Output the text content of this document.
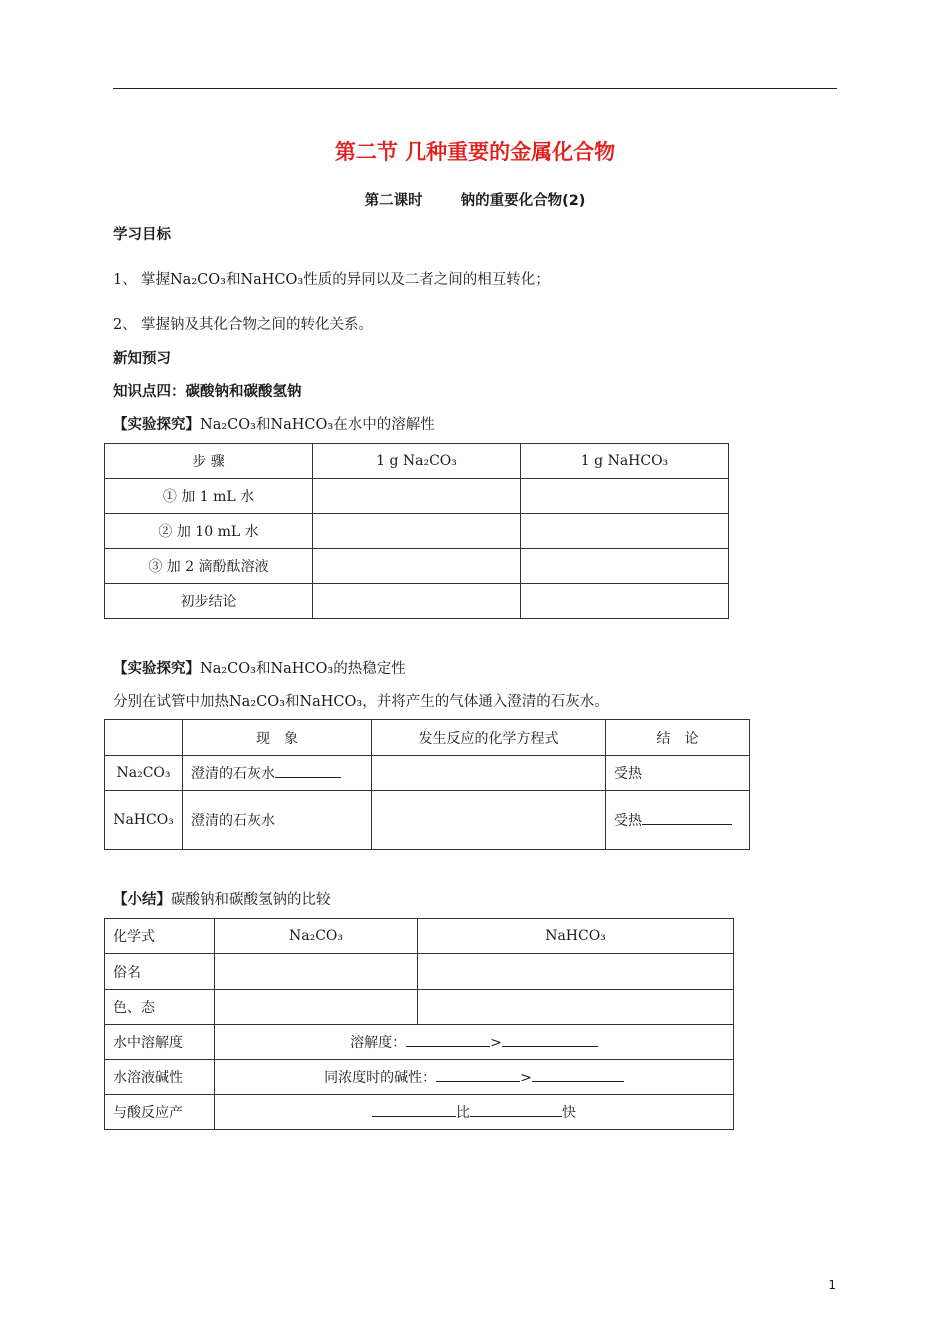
第二节 几种重要的金属化合物
第二课时	钠的重要化合物(2)
学习目标
1、 掌握Na₂CO₃和NaHCO₃性质的异同以及二者之间的相互转化；
2、 掌握钠及其化合物之间的转化关系。
新知预习
知识点四：碳酸钠和碳酸氢钠
【实验探究】Na₂CO₃和NaHCO₃在水中的溶解性
步 骤	1 g Na₂CO₃	1 g NaHCO₃
① 加 1 mL 水		
② 加 10 mL 水		
③ 加 2 滴酚酞溶液		
初步结论		
【实验探究】Na₂CO₃和NaHCO₃的热稳定性
分别在试管中加热Na₂CO₃和NaHCO₃，并将产生的气体通入澄清的石灰水。
	现　象	发生反应的化学方程式	结　论
Na₂CO₃	澄清的石灰水		受热
NaHCO₃	澄清的石灰水		受热
【小结】碳酸钠和碳酸氢钠的比较
化学式	Na₂CO₃	NaHCO₃
俗名		
色、态		
水中溶解度	溶解度： >	
水溶液碱性	同浓度时的碱性： >	
与酸反应产	比 快	
1
